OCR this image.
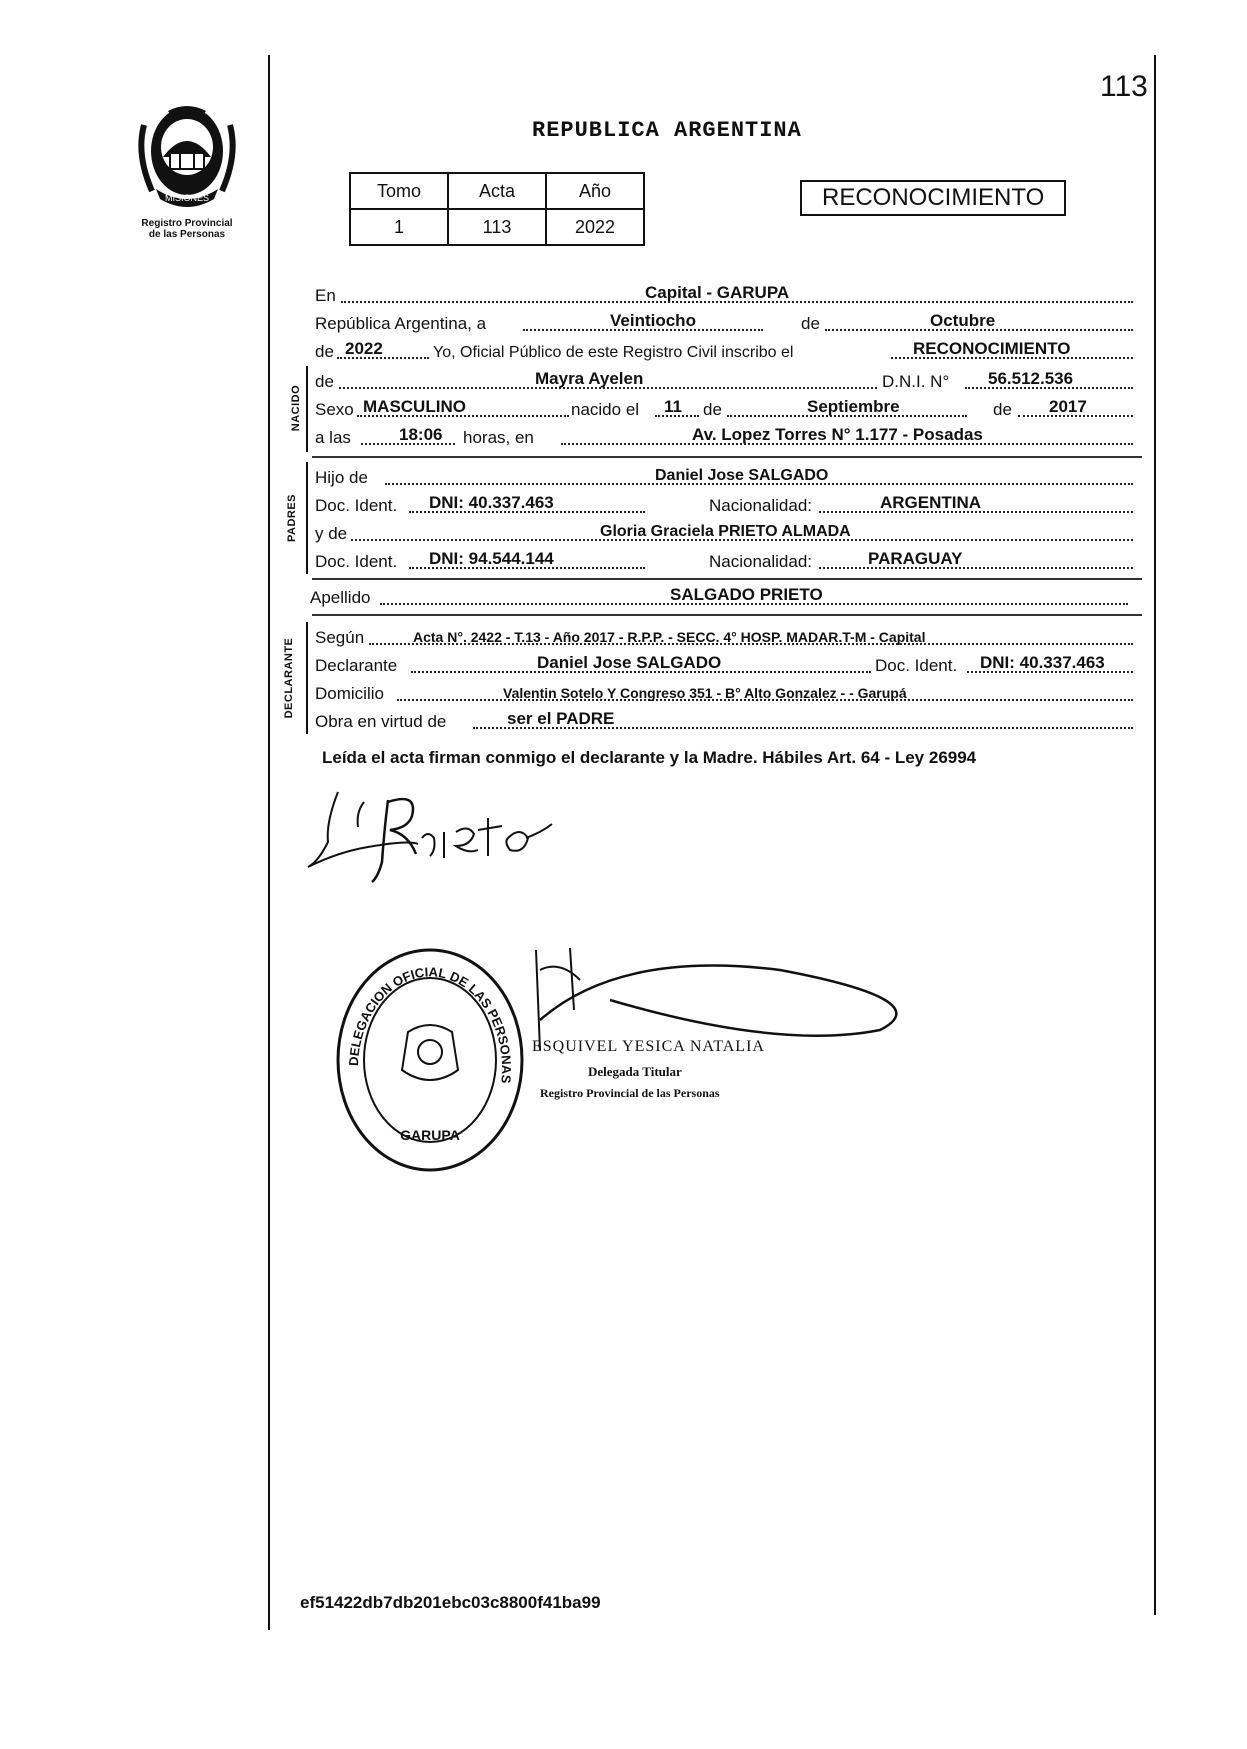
MISIONES
Registro Provincial
de las Personas
113
REPUBLICA ARGENTINA
Tomo	Acta	Año
1	113	2022
RECONOCIMIENTO
En	Capital - GARUPA
República Argentina, a	Veintiocho	de	Octubre
de 2022	Yo, Oficial Público de este Registro Civil inscribo el	RECONOCIMIENTO
NACIDO
de	Mayra Ayelen	D.N.I. N° 56.512.536
Sexo MASCULINO	nacido el 11 de	Septiembre	de 2017
a las	18:06 horas, en	Av. Lopez Torres N° 1.177 - Posadas
PADRES
Hijo de	Daniel Jose SALGADO
Doc. Ident. DNI: 40.337.463	Nacionalidad:	ARGENTINA
y de	Gloria Graciela PRIETO ALMADA
Doc. Ident. DNI: 94.544.144	Nacionalidad:	PARAGUAY
Apellido	SALGADO PRIETO
DECLARANTE
Según	Acta N°. 2422 - T.13 - Año 2017 - R.P.P. - SECC. 4° HOSP. MADAR.T-M - Capital
Declarante	Daniel Jose SALGADO	Doc. Ident. DNI: 40.337.463
Domicilio	Valentin Sotelo Y Congreso 351 - B° Alto Gonzalez - - Garupá
Obra en virtud de	ser el PADRE
Leída el acta firman conmigo el declarante y la Madre. Hábiles Art. 64 - Ley 26994
DELEGACION OFICIAL DE LAS PERSONAS
GARUPA
ESQUIVEL YESICA NATALIA
Delegada Titular
Registro Provincial de las Personas
ef51422db7db201ebc03c8800f41ba99
